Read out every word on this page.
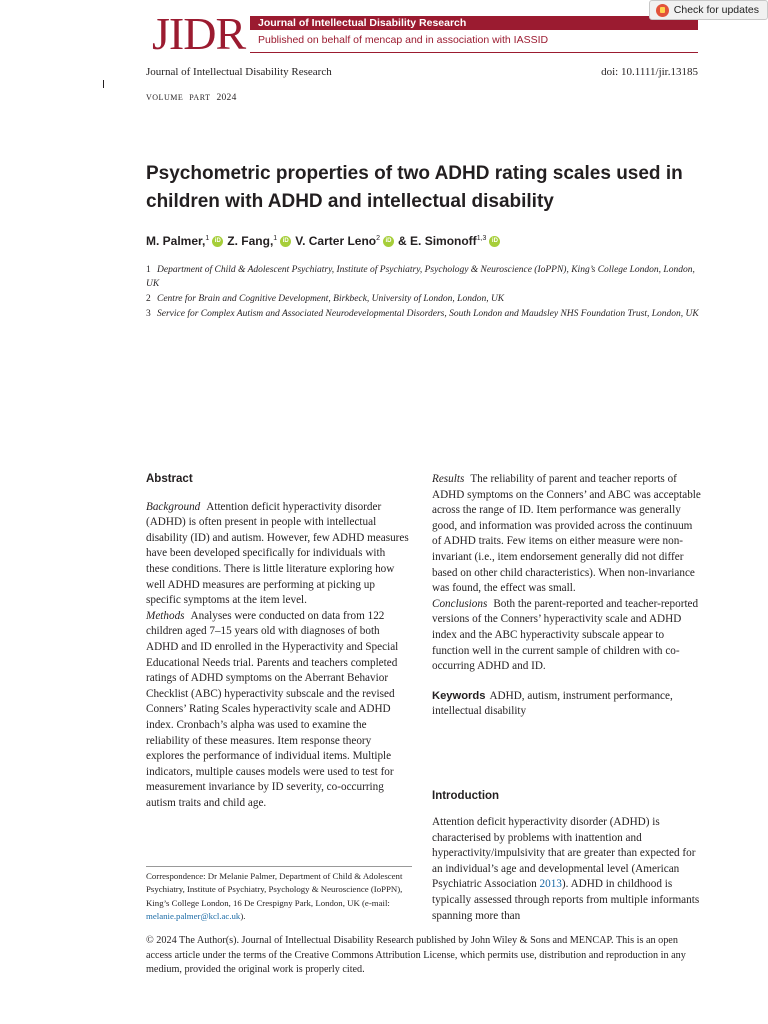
JIDR	Journal of Intellectual Disability Research
Published on behalf of mencap and in association with IASSID
Check for updates
Journal of Intellectual Disability Research	doi: 10.1111/jir.13185
VOLUME PART 2024
Psychometric properties of two ADHD rating scales used in children with ADHD and intellectual disability
M. Palmer,$^1$ iD Z. Fang,$^1$ iD V. Carter Leno$^2$ iD & E. Simonoff$^{1,3}$ iD
1 Department of Child & Adolescent Psychiatry, Institute of Psychiatry, Psychology & Neuroscience (IoPPN), King’s College London, London, UK
2 Centre for Brain and Cognitive Development, Birkbeck, University of London, London, UK
3 Service for Complex Autism and Associated Neurodevelopmental Disorders, South London and Maudsley NHS Foundation Trust, London, UK
Abstract

Background Attention deficit hyperactivity disorder (ADHD) is often present in people with intellectual disability (ID) and autism. However, few ADHD measures have been developed specifically for individuals with these conditions. There is little literature exploring how well ADHD measures are performing at picking up specific symptoms at the item level.

Methods Analyses were conducted on data from 122 children aged 7–15 years old with diagnoses of both ADHD and ID enrolled in the Hyperactivity and Special Educational Needs trial. Parents and teachers completed ratings of ADHD symptoms on the Aberrant Behavior Checklist (ABC) hyperactivity subscale and the revised Conners’ Rating Scales hyperactivity scale and ADHD index. Cronbach’s alpha was used to examine the reliability of these measures. Item response theory explores the performance of individual items. Multiple indicators, multiple causes models were used to test for measurement invariance by ID severity, co-occurring autism traits and child age.

Results The reliability of parent and teacher reports of ADHD symptoms on the Conners’ and ABC was acceptable across the range of ID. Item performance was generally good, and information was provided across the continuum of ADHD traits. Few items on either measure were non-invariant (i.e., item endorsement generally did not differ based on other child characteristics). When non-invariance was found, the effect was small.

Conclusions Both the parent-reported and teacher-reported versions of the Conners’ hyperactivity scale and ADHD index and the ABC hyperactivity subscale appear to function well in the current sample of children with co-occurring ADHD and ID.

Keywords ADHD, autism, instrument performance, intellectual disability

Introduction
Attention deficit hyperactivity disorder (ADHD) is characterised by problems with inattention and hyperactivity/impulsivity that are greater than expected for an individual’s age and developmental level (American Psychiatric Association 2013). ADHD in childhood is typically assessed through reports from multiple informants spanning more than
Correspondence: Dr Melanie Palmer, Department of Child & Adolescent Psychiatry, Institute of Psychiatry, Psychology & Neuroscience (IoPPN), King’s College London, 16 De Crespigny Park, London, UK (e-mail: melanie.palmer@kcl.ac.uk).
© 2024 The Author(s). Journal of Intellectual Disability Research published by John Wiley & Sons and MENCAP. This is an open access article under the terms of the Creative Commons Attribution License, which permits use, distribution and reproduction in any medium, provided the original work is properly cited.
